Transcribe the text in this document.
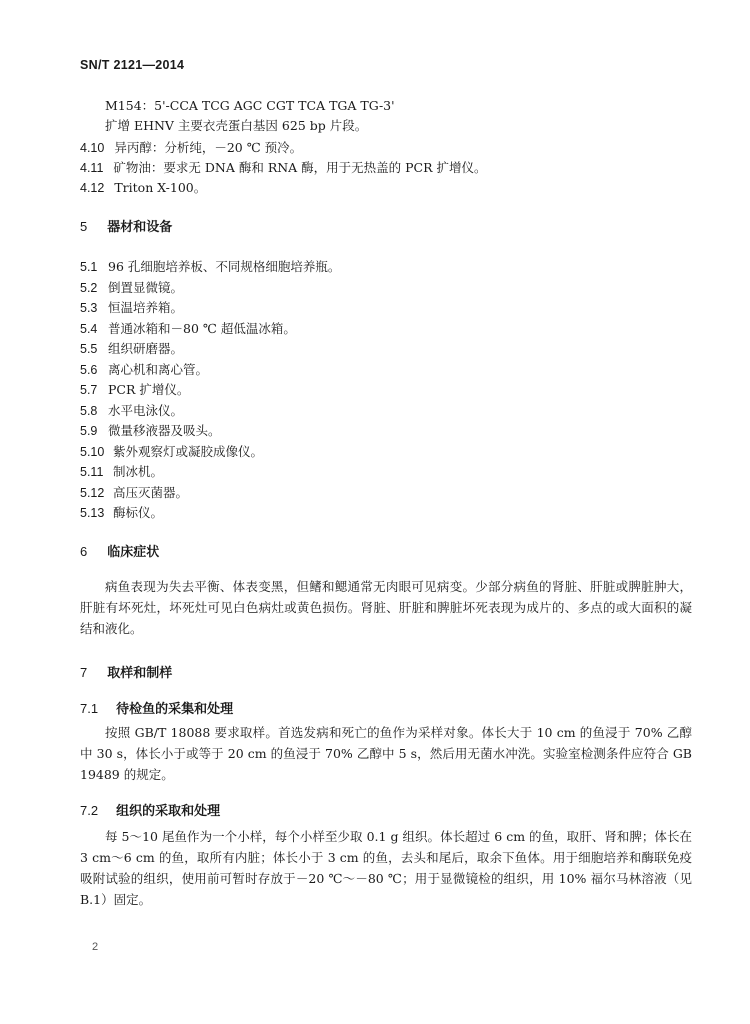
SN/T 2121—2014
M154：5'-CCA TCG AGC CGT TCA TGA TG-3'
扩增 EHNV 主要衣壳蛋白基因 625 bp 片段。
4.10 异丙醇：分析纯，－20 ℃ 预冷。
4.11 矿物油：要求无 DNA 酶和 RNA 酶，用于无热盖的 PCR 扩增仪。
4.12 Triton X-100。
5 器材和设备
5.1 96 孔细胞培养板、不同规格细胞培养瓶。
5.2 倒置显微镜。
5.3 恒温培养箱。
5.4 普通冰箱和－80 ℃ 超低温冰箱。
5.5 组织研磨器。
5.6 离心机和离心管。
5.7 PCR 扩增仪。
5.8 水平电泳仪。
5.9 微量移液器及吸头。
5.10 紫外观察灯或凝胶成像仪。
5.11 制冰机。
5.12 高压灭菌器。
5.13 酶标仪。
6 临床症状

病鱼表现为失去平衡、体表变黑，但鳍和鳃通常无肉眼可见病变。少部分病鱼的肾脏、肝脏或脾脏肿大，肝脏有坏死灶，坏死灶可见白色病灶或黄色损伤。肾脏、肝脏和脾脏坏死表现为成片的、多点的或大面积的凝结和液化。

7 取样和制样
7.1 待检鱼的采集和处理

按照 GB/T 18088 要求取样。首选发病和死亡的鱼作为采样对象。体长大于 10 cm 的鱼浸于 70% 乙醇中 30 s，体长小于或等于 20 cm 的鱼浸于 70% 乙醇中 5 s，然后用无菌水冲洗。实验室检测条件应符合 GB 19489 的规定。

7.2 组织的采取和处理

每 5～10 尾鱼作为一个小样，每个小样至少取 0.1 g 组织。体长超过 6 cm 的鱼，取肝、肾和脾；体长在 3 cm～6 cm 的鱼，取所有内脏；体长小于 3 cm 的鱼，去头和尾后，取余下鱼体。用于细胞培养和酶联免疫吸附试验的组织，使用前可暂时存放于－20 ℃～－80 ℃；用于显微镜检的组织，用 10% 福尔马林溶液（见 B.1）固定。

2
